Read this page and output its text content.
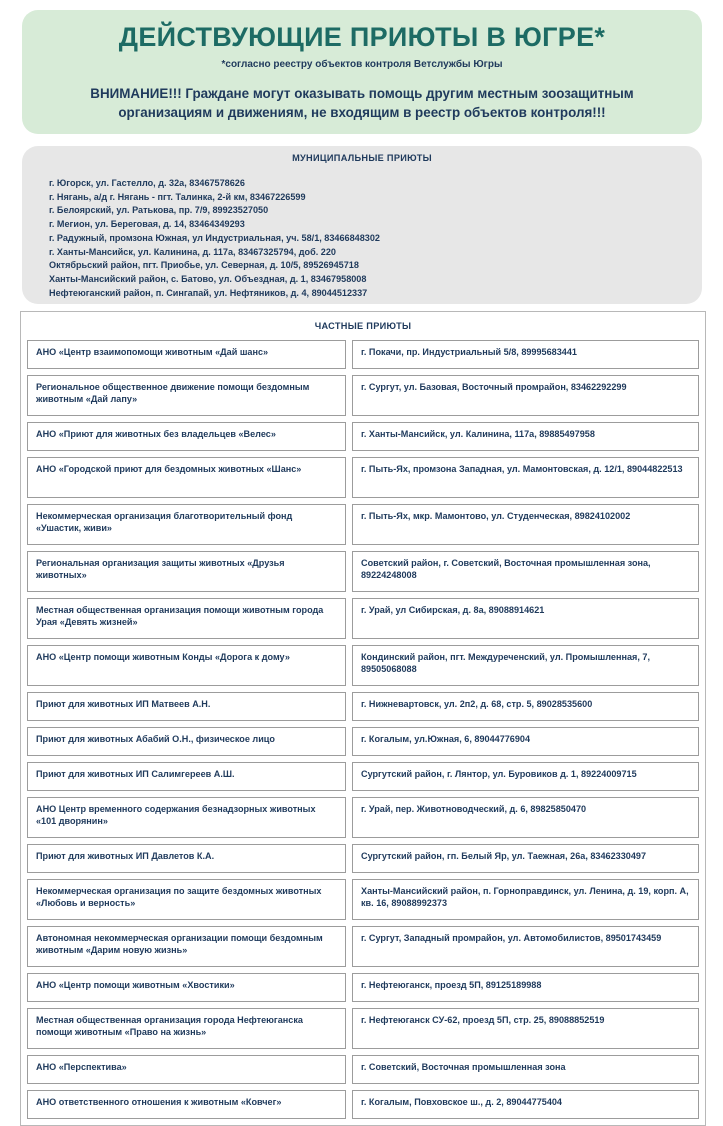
ДЕЙСТВУЮЩИЕ ПРИЮТЫ В ЮГРЕ*
*согласно реестру объектов контроля Ветслужбы Югры
ВНИМАНИЕ!!! Граждане могут оказывать помощь другим местным зоозащитным организациям и движениям, не входящим в реестр объектов контроля!!!
МУНИЦИПАЛЬНЫЕ ПРИЮТЫ
г. Югорск, ул. Гастелло, д. 32а, 83467578626
г. Нягань, а/д г. Нягань - пгт. Талинка, 2-й км, 83467226599
г. Белоярский, ул. Ратькова, пр. 7/9, 89923527050
г. Мегион, ул. Береговая, д. 14, 83464349293
г. Радужный, промзона Южная, ул Индустриальная, уч. 58/1, 83466848302
г. Ханты-Мансийск, ул. Калинина, д. 117а, 83467325794, доб. 220
Октябрьский район, пгт. Приобье, ул. Северная, д. 10/5, 89526945718
Ханты-Мансийский район, с. Батово, ул. Объездная, д. 1, 83467958008
Нефтеюганский район, п. Сингапай, ул. Нефтяников, д. 4, 89044512337
ЧАСТНЫЕ ПРИЮТЫ
АНО «Центр взаимопомощи животным «Дай шанс»	г. Покачи, пр. Индустриальный 5/8, 89995683441
Региональное общественное движение помощи бездомным животным «Дай лапу»	г. Сургут, ул. Базовая, Восточный промрайон, 83462292299
АНО «Приют для животных без владельцев «Велес»	г. Ханты-Мансийск, ул. Калинина, 117а, 89885497958
АНО «Городской приют для бездомных животных «Шанс»	г. Пыть-Ях, промзона Западная, ул. Мамонтовская, д. 12/1, 89044822513
Некоммерческая организация благотворительный фонд «Ушастик, живи»	г. Пыть-Ях, мкр. Мамонтово, ул. Студенческая, 89824102002
Региональная организация защиты животных «Друзья животных»	Советский район, г. Советский, Восточная промышленная зона, 89224248008
Местная общественная организация помощи животным города Урая «Девять жизней»	г. Урай, ул Сибирская, д. 8а, 89088914621
АНО «Центр помощи животным Конды «Дорога к дому»	Кондинский район, пгт. Междуреченский, ул. Промышленная, 7, 89505068088
Приют для животных ИП Матвеев А.Н.	г. Нижневартовск, ул. 2п2, д. 68, стр. 5, 89028535600
Приют для животных Абабий О.Н., физическое лицо	г. Когалым, ул.Южная, 6, 89044776904
Приют для животных ИП Салимгереев А.Ш.	Сургутский район, г. Лянтор, ул. Буровиков д. 1, 89224009715
АНО Центр временного содержания безнадзорных животных «101 дворянин»	г. Урай, пер. Животноводческий, д. 6, 89825850470
Приют для животных ИП Давлетов К.А.	Сургутский район, гп. Белый Яр, ул. Таежная, 26а, 83462330497
Некоммерческая организация по защите бездомных животных «Любовь и верность»	Ханты-Мансийский район, п. Горноправдинск, ул. Ленина, д. 19, корп. А, кв. 16, 89088992373
Автономная некоммерческая организации помощи бездомным животным «Дарим новую жизнь»	г. Сургут, Западный промрайон, ул. Автомобилистов, 89501743459
АНО «Центр помощи животным «Хвостики»	г. Нефтеюганск, проезд 5П, 89125189988
Местная общественная организация города Нефтеюганска помощи животным «Право на жизнь»	г. Нефтеюганск СУ-62, проезд 5П, стр. 25, 89088852519
АНО «Перспектива»	г. Советский, Восточная промышленная зона
АНО ответственного отношения к животным «Ковчег»	г. Когалым, Повховское ш., д. 2, 89044775404
